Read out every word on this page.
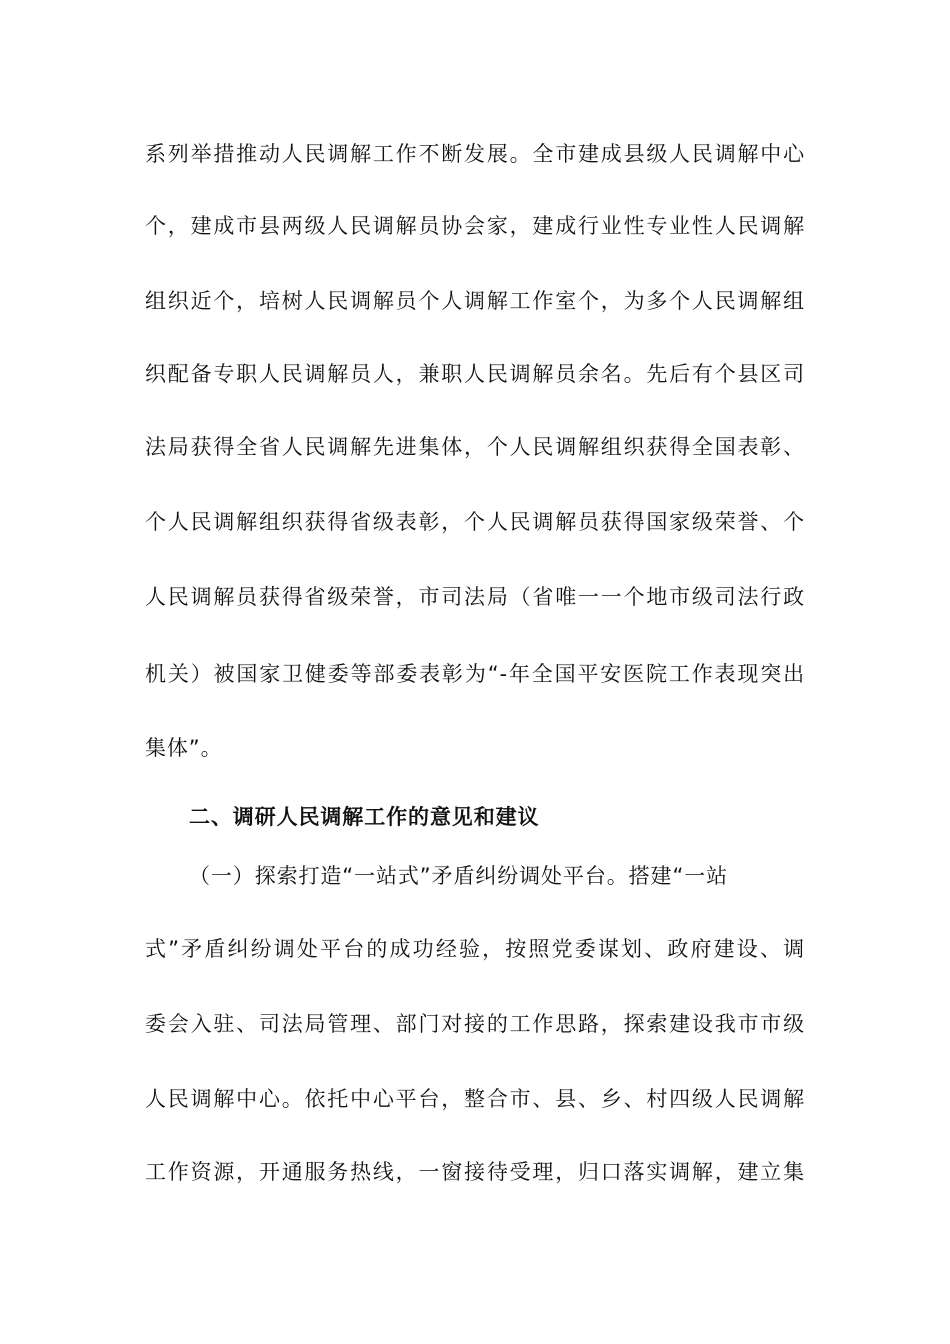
系列举措推动人民调解工作不断发展。全市建成县级人民调解中心
个，建成市县两级人民调解员协会家，建成行业性专业性人民调解
组织近个，培树人民调解员个人调解工作室个，为多个人民调解组
织配备专职人民调解员人，兼职人民调解员余名。先后有个县区司
法局获得全省人民调解先进集体，个人民调解组织获得全国表彰、
个人民调解组织获得省级表彰，个人民调解员获得国家级荣誉、个
人民调解员获得省级荣誉，市司法局（省唯一一个地市级司法行政
机关）被国家卫健委等部委表彰为“-年全国平安医院工作表现突出
集体”。
二、调研人民调解工作的意见和建议
（一）探索打造“一站式”矛盾纠纷调处平台。搭建“一站
式”矛盾纠纷调处平台的成功经验，按照党委谋划、政府建设、调
委会入驻、司法局管理、部门对接的工作思路，探索建设我市市级
人民调解中心。依托中心平台，整合市、县、乡、村四级人民调解
工作资源，开通服务热线，一窗接待受理，归口落实调解，建立集
